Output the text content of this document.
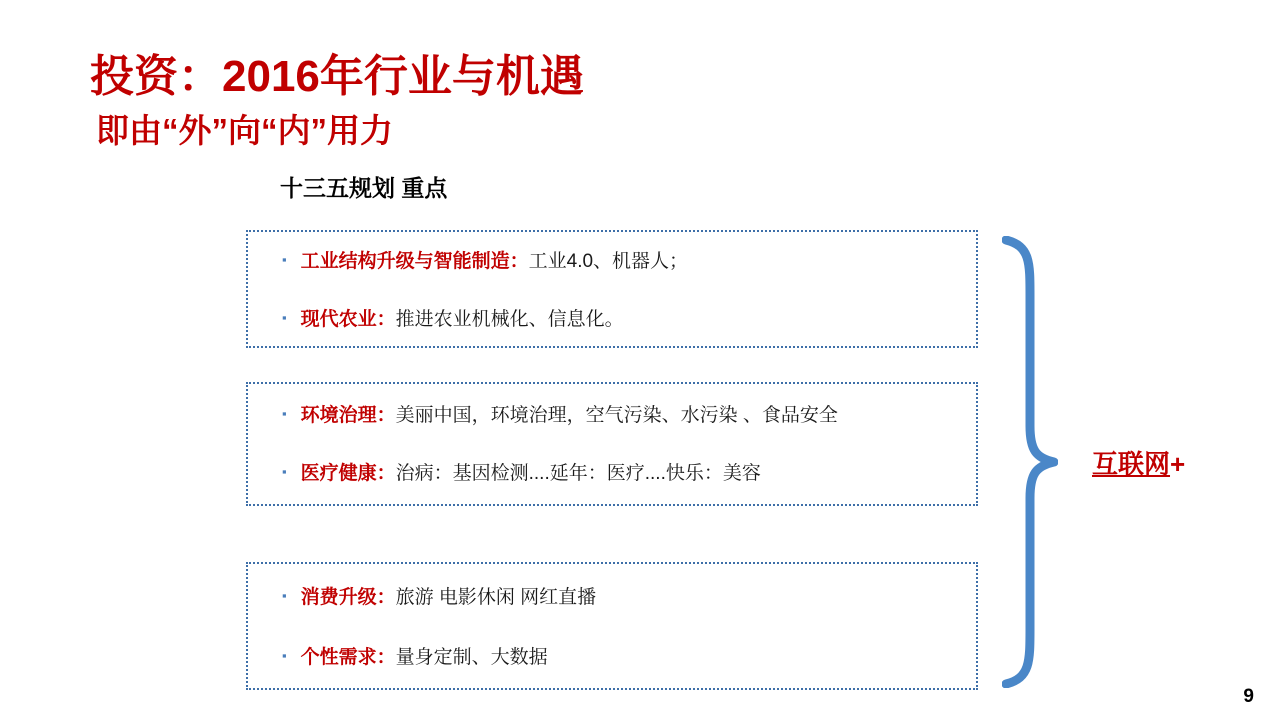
投资：2016年行业与机遇
即由“外”向“内”用力
十三五规划 重点
▪ 工业结构升级与智能制造： 工业4.0、机器人；
▪ 现代农业： 推进农业机械化、信息化。
▪ 环境治理： 美丽中国，环境治理，空气污染、水污染 、食品安全
▪ 医疗健康： 治病：基因检测....延年：医疗....快乐：美容
▪ 消费升级： 旅游 电影休闲 网红直播
▪ 个性需求： 量身定制、大数据
互联网+
9
